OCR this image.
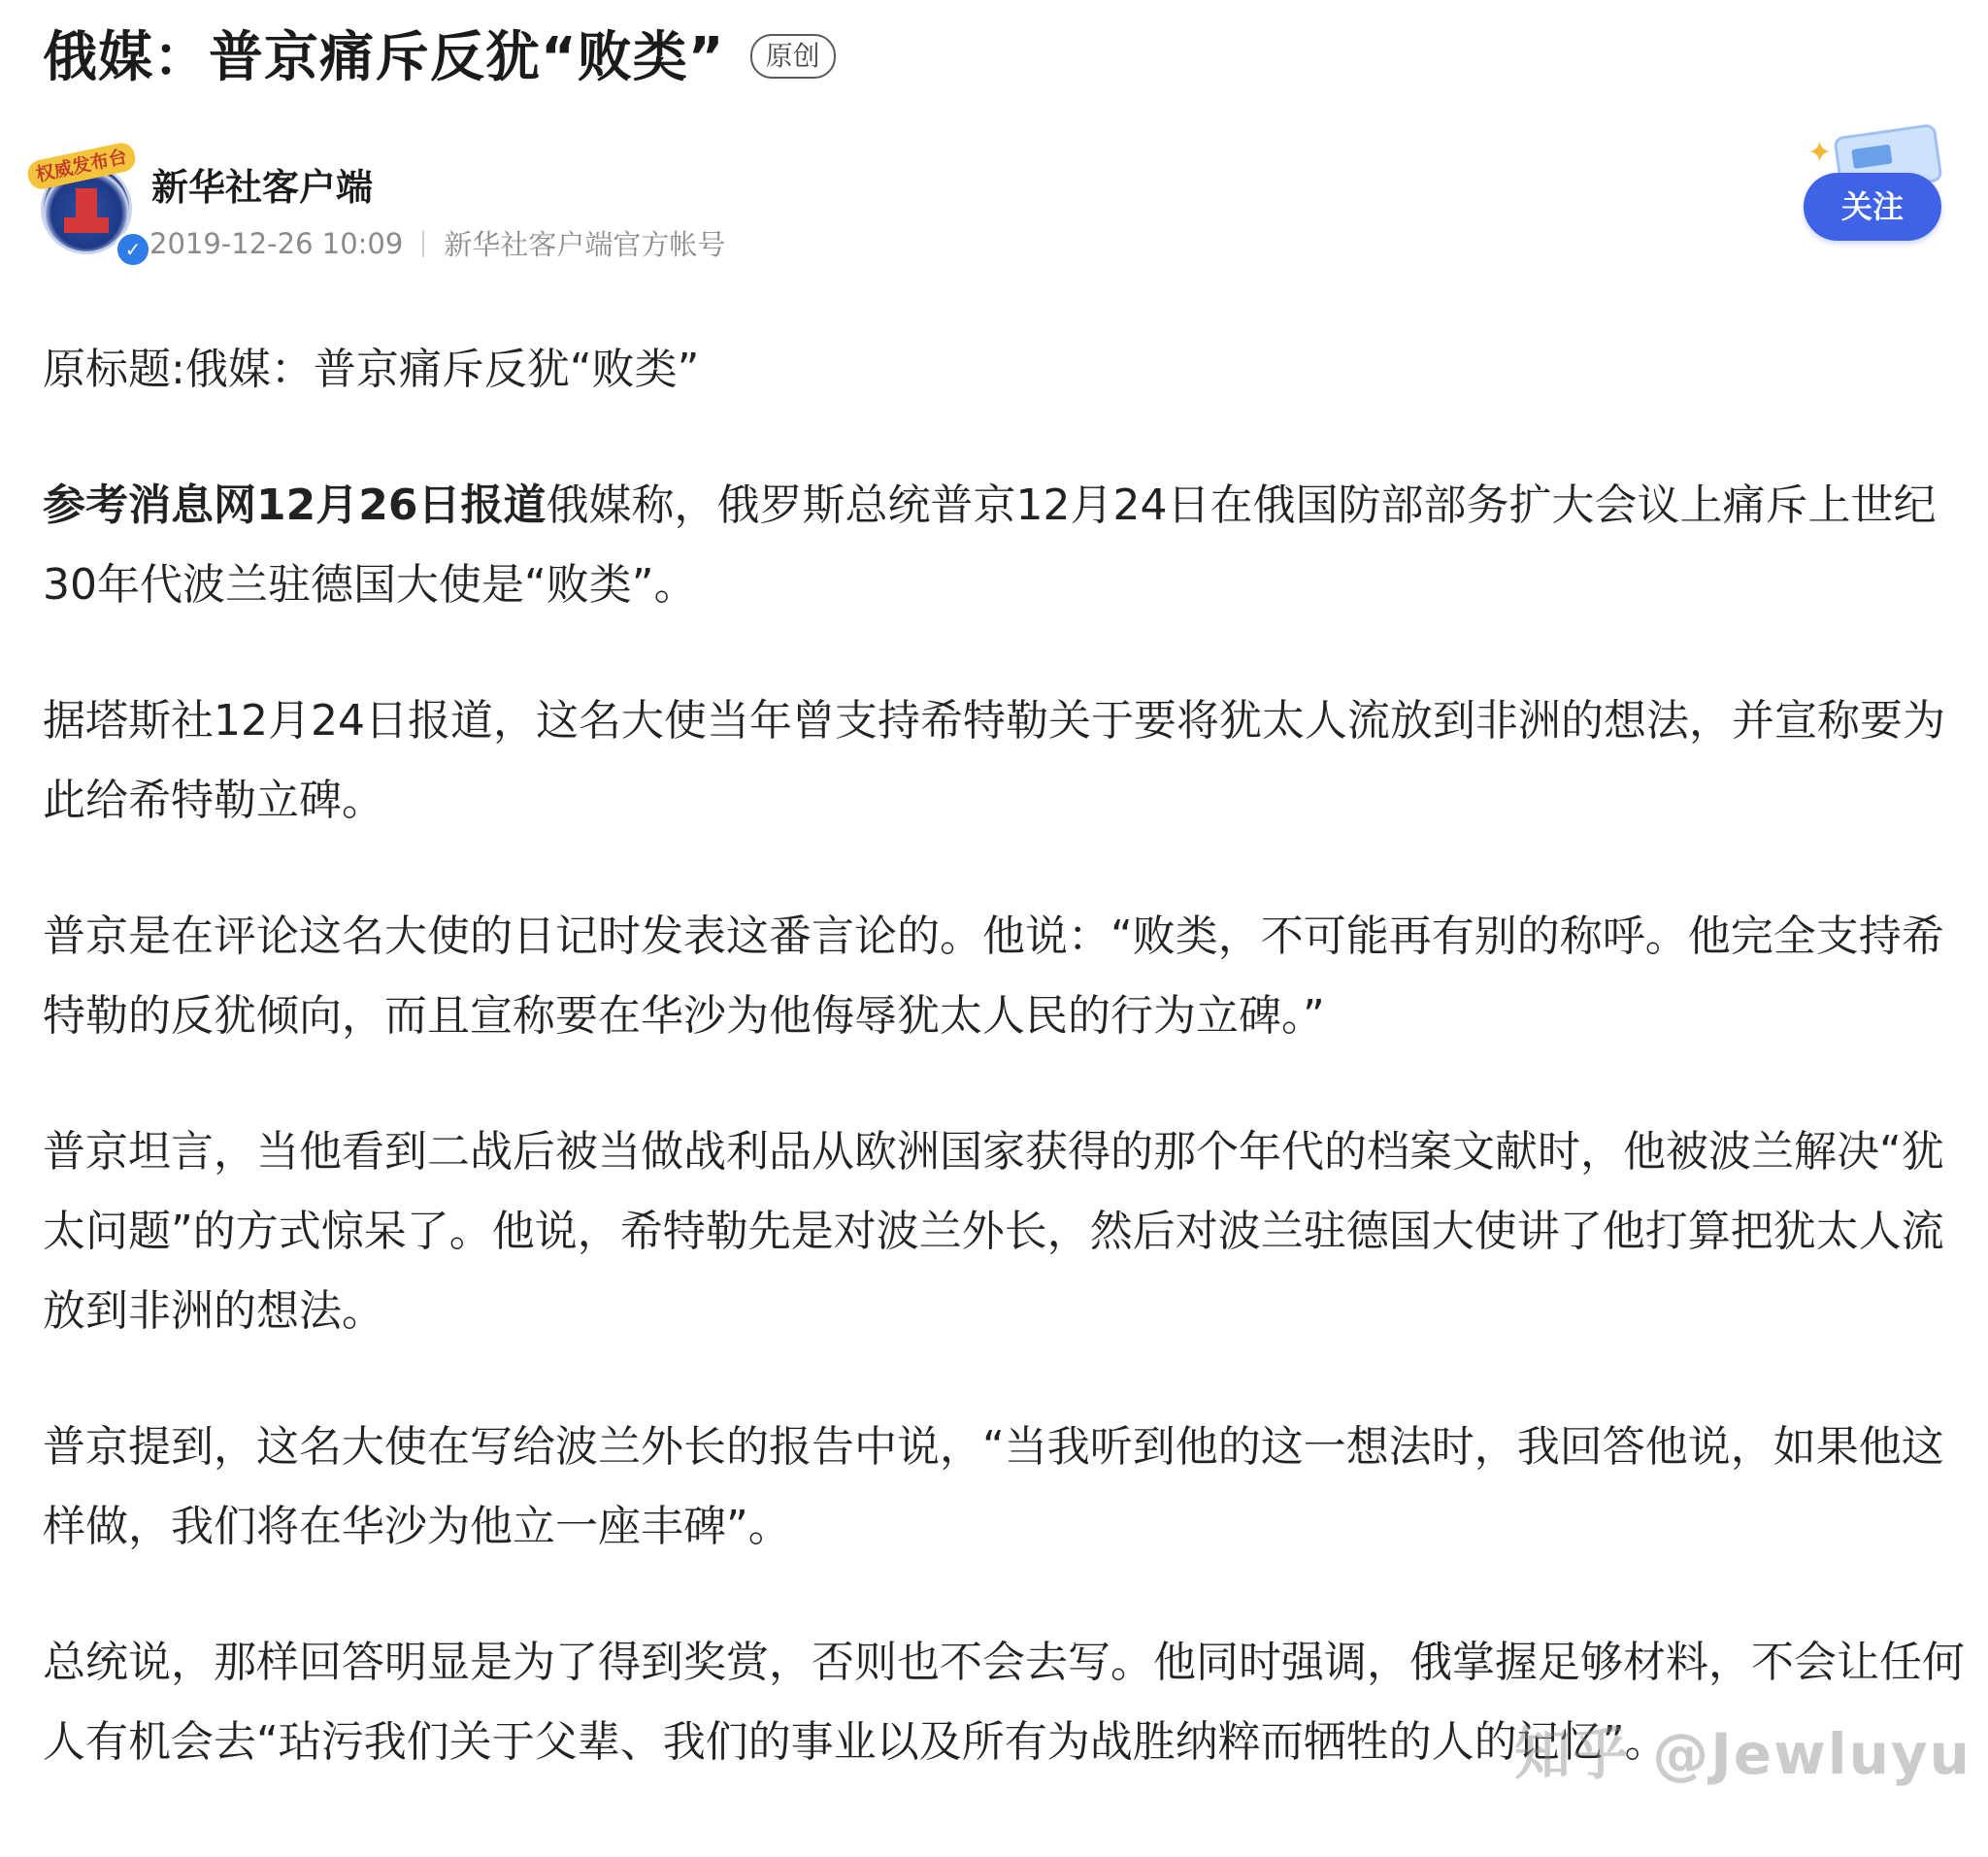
俄媒：普京痛斥反犹“败类”	原创
权威发布台
✓
新华社客户端
2019-12-26 10:09 新华社客户端官方帐号
✦
关注

原标题:俄媒：普京痛斥反犹“败类”

参考消息网12月26日报道俄媒称，俄罗斯总统普京12月24日在俄国防部部务扩大会议上痛斥上世纪30年代波兰驻德国大使是“败类”。

据塔斯社12月24日报道，这名大使当年曾支持希特勒关于要将犹太人流放到非洲的想法，并宣称要为此给希特勒立碑。

普京是在评论这名大使的日记时发表这番言论的。他说：“败类，不可能再有别的称呼。他完全支持希特勒的反犹倾向，而且宣称要在华沙为他侮辱犹太人民的行为立碑。”

普京坦言，当他看到二战后被当做战利品从欧洲国家获得的那个年代的档案文献时，他被波兰解决“犹太问题”的方式惊呆了。他说，希特勒先是对波兰外长，然后对波兰驻德国大使讲了他打算把犹太人流放到非洲的想法。

普京提到，这名大使在写给波兰外长的报告中说，“当我听到他的这一想法时，我回答他说，如果他这样做，我们将在华沙为他立一座丰碑”。

总统说，那样回答明显是为了得到奖赏，否则也不会去写。他同时强调，俄掌握足够材料，不会让任何人有机会去“玷污我们关于父辈、我们的事业以及所有为战胜纳粹而牺牲的人的记忆”。

知乎 @Jewluyu
